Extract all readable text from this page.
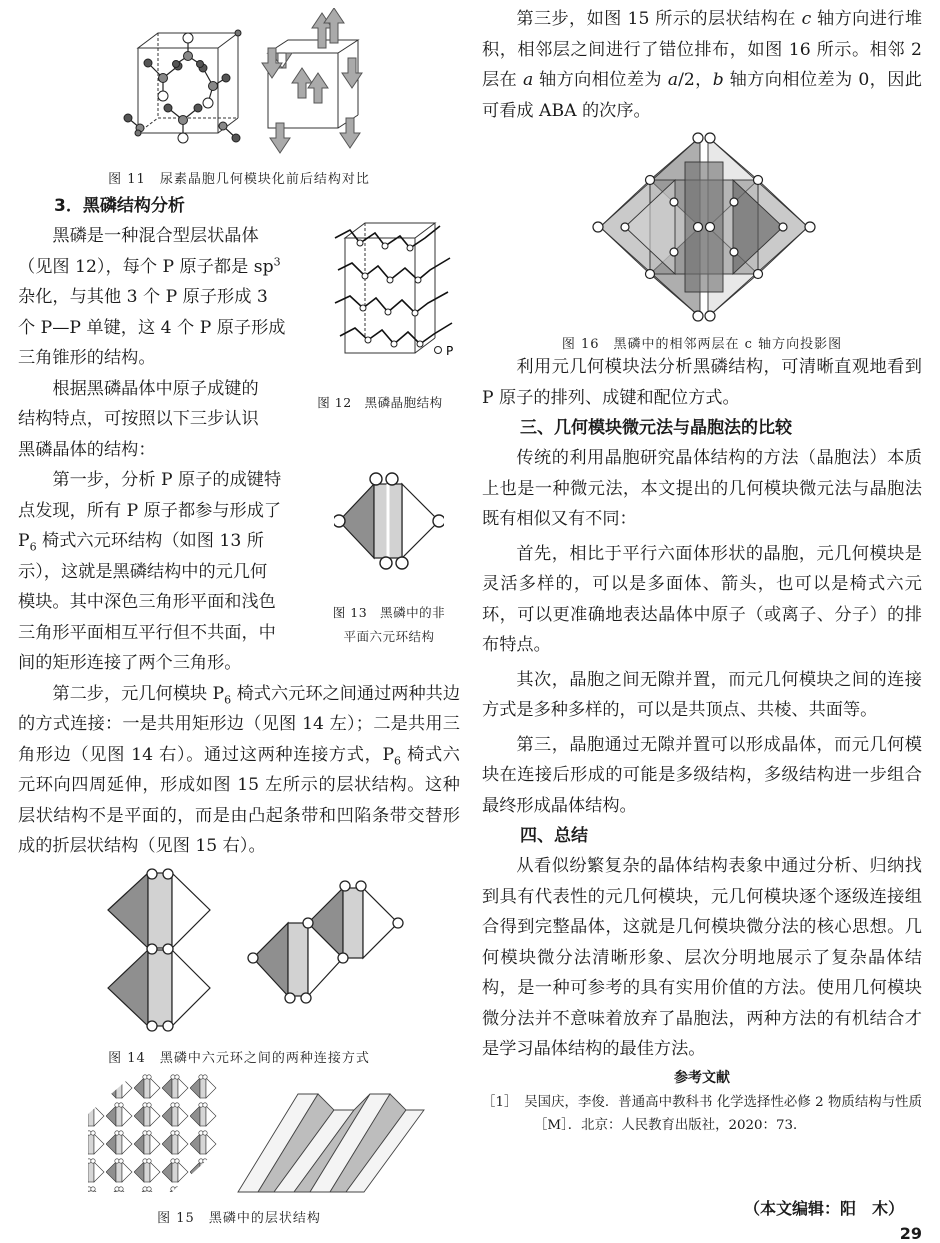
图 11　尿素晶胞几何模块化前后结构对比

3．黑磷结构分析

黑磷是一种混合型层状晶体

（见图 12），每个 P 原子都是 $sp^3$

杂化，与其他 3 个 P 原子形成 3

个 P—P 单键，这 4 个 P 原子形成

三角锥形的结构。

根据黑磷晶体中原子成键的

结构特点，可按照以下三步认识

黑磷晶体的结构：

第一步，分析 P 原子的成键特

点发现，所有 P 原子都参与形成了

$P_6$ 椅式六元环结构（如图 13 所

示），这就是黑磷结构中的元几何

模块。其中深色三角形平面和浅色

三角形平面相互平行但不共面，中

间的矩形连接了两个三角形。

第二步，元几何模块 $P_6$ 椅式六元环之间通过两种共边的方式连接：一是共用矩形边（见图 14 左）；二是共用三角形边（见图 14 右）。通过这两种连接方式，$P_6$ 椅式六元环向四周延伸，形成如图 15 左所示的层状结构。这种层状结构不是平面的，而是由凸起条带和凹陷条带交替形成的折层状结构（见图 15 右）。

P

图 12　黑磷晶胞结构

图 13　黑磷中的非

平面六元环结构

图 14　黑磷中六元环之间的两种连接方式

图 15　黑磷中的层状结构

第三步，如图 15 所示的层状结构在 c 轴方向进行堆积，相邻层之间进行了错位排布，如图 16 所示。相邻 2 层在 a 轴方向相位差为 a/2，b 轴方向相位差为 0，因此可看成 ABA 的次序。

图 16　黑磷中的相邻两层在 c 轴方向投影图

利用元几何模块法分析黑磷结构，可清晰直观地看到 P 原子的排列、成键和配位方式。

三、几何模块微元法与晶胞法的比较

传统的利用晶胞研究晶体结构的方法（晶胞法）本质上也是一种微元法，本文提出的几何模块微元法与晶胞法既有相似又有不同：

首先，相比于平行六面体形状的晶胞，元几何模块是灵活多样的，可以是多面体、箭头，也可以是椅式六元环，可以更准确地表达晶体中原子（或离子、分子）的排布特点。

其次，晶胞之间无隙并置，而元几何模块之间的连接方式是多种多样的，可以是共顶点、共棱、共面等。

第三，晶胞通过无隙并置可以形成晶体，而元几何模块在连接后形成的可能是多级结构，多级结构进一步组合最终形成晶体结构。

四、总结

从看似纷繁复杂的晶体结构表象中通过分析、归纳找到具有代表性的元几何模块，元几何模块逐个逐级连接组合得到完整晶体，这就是几何模块微分法的核心思想。几何模块微分法清晰形象、层次分明地展示了复杂晶体结构，是一种可参考的具有实用价值的方法。使用几何模块微分法并不意味着放弃了晶胞法，两种方法的有机结合才是学习晶体结构的最佳方法。

参考文献

［1］　吴国庆，李俊．普通高中教科书 化学选择性必修 2 物质结构与性质［M］．北京：人民教育出版社，2020：73．

（本文编辑：阳　木）
29
